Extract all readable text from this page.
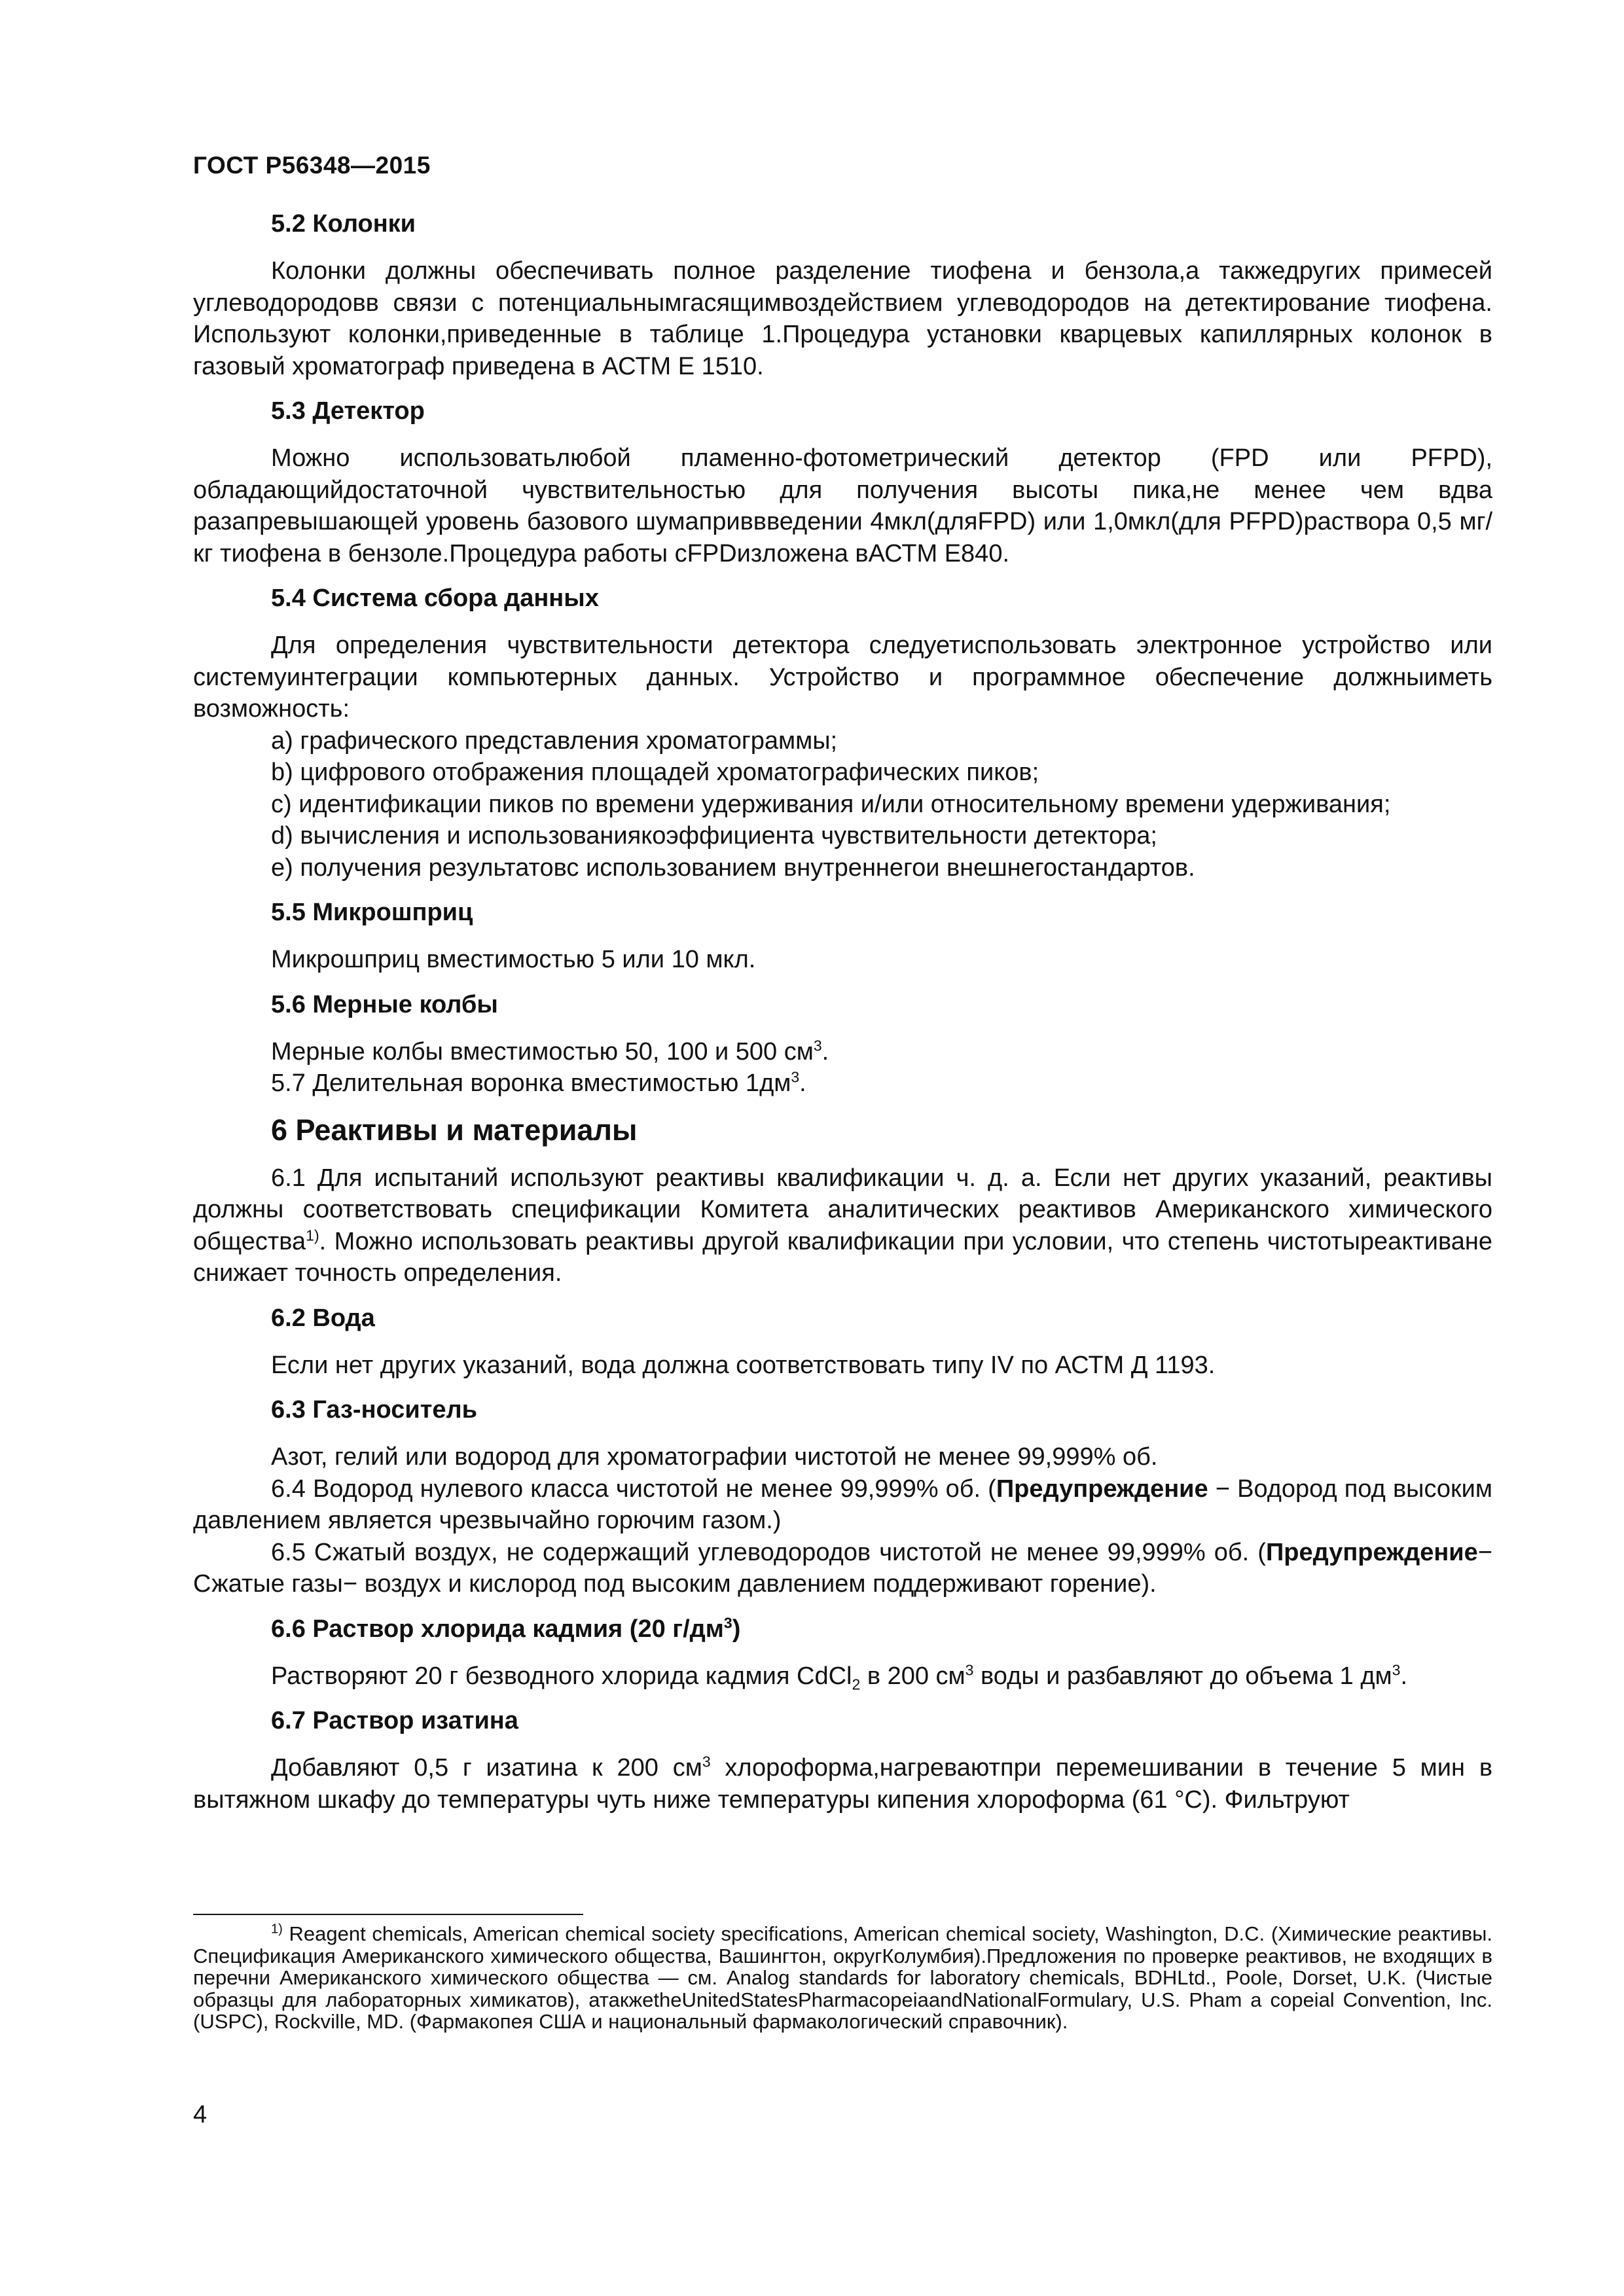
ГОСТ Р56348—2015
5.2 Колонки

Колонки должны обеспечивать полное разделение тиофена и бензола,а такжедругих примесей углеводородовв связи с потенциальнымгасящимвоздействием углеводородов на детектирование тиофена. Используют колонки,приведенные в таблице 1.Процедура установки кварцевых капиллярных колонок в газовый хроматограф приведена в АСТМ Е 1510.

5.3 Детектор

Можно использоватьлюбой пламенно-фотометрический детектор (FPD или PFPD), обладающийдостаточной чувствительностью для получения высоты пика,не менее чем вдва разапревышающей уровень базового шумаприввведении 4мкл(дляFPD) или 1,0мкл(для PFPD)раствора 0,5 мг/кг тиофена в бензоле.Процедура работы сFPDизложена вАСТМ Е840.

5.4 Система сбора данных

Для определения чувствительности детектора следуетиспользовать электронное устройство или системуинтеграции компьютерных данных. Устройство и программное обеспечение должныиметь возможность:

а) графического представления хроматограммы;
b) цифрового отображения площадей хроматографических пиков;
c) идентификации пиков по времени удерживания и/или относительному времени удерживания;
d) вычисления и использованиякоэффициента чувствительности детектора;
e) получения результатовс использованием внутреннегои внешнегостандартов.
5.5 Микрошприц

Микрошприц вместимостью 5 или 10 мкл.

5.6 Мерные колбы

Мерные колбы вместимостью 50, 100 и 500 $см^3$.

5.7 Делительная воронка вместимостью $1дм^3$.

6 Реактивы и материалы

6.1 Для испытаний используют реактивы квалификации ч. д. а. Если нет других указаний, реактивы должны соответствовать спецификации Комитета аналитических реактивов Американского химического общества$^{1)}$. Можно использовать реактивы другой квалификации при условии, что степень чистотыреактиване снижает точность определения.

6.2 Вода

Если нет других указаний, вода должна соответствовать типу IV по АСТМ Д 1193.

6.3 Газ-носитель

Азот, гелий или водород для хроматографии чистотой не менее 99,999% об.

6.4 Водород нулевого класса чистотой не менее 99,999% об. (Предупреждение − Водород под высоким давлением является чрезвычайно горючим газом.)

6.5 Сжатый воздух, не содержащий углеводородов чистотой не менее 99,999% об. (Предупреждение− Сжатые газы− воздух и кислород под высоким давлением поддерживают горение).

6.6 Раствор хлорида кадмия (20 $г/дм^3$)

Растворяют 20 г безводного хлорида кадмия CdCl$_2$ в 200 $см^3$ воды и разбавляют до объема 1 $дм^3$.

6.7 Раствор изатина

Добавляют 0,5 г изатина к 200 $см^3$ хлороформа,нагреваютпри перемешивании в течение 5 мин в вытяжном шкафу до температуры чуть ниже температуры кипения хлороформа (61 °С). Фильтруют

$^{1)}$ Reagent chemicals, American chemical society specifications, American chemical society, Washington, D.C. (Химические реактивы. Спецификация Американского химического общества, Вашингтон, округКолумбия).Предложения по проверке реактивов, не входящих в перечни Американского химического общества — см. Analog standards for laboratory chemicals, BDHLtd., Poole, Dorset, U.K. (Чистые образцы для лабораторных химикатов), атакжеtheUnitedStatesPharmacopeiaandNationalFormulary, U.S. Pham a copeial Convention, Inc. (USPC), Rockville, MD. (Фармакопея США и национальный фармакологический справочник).
4
